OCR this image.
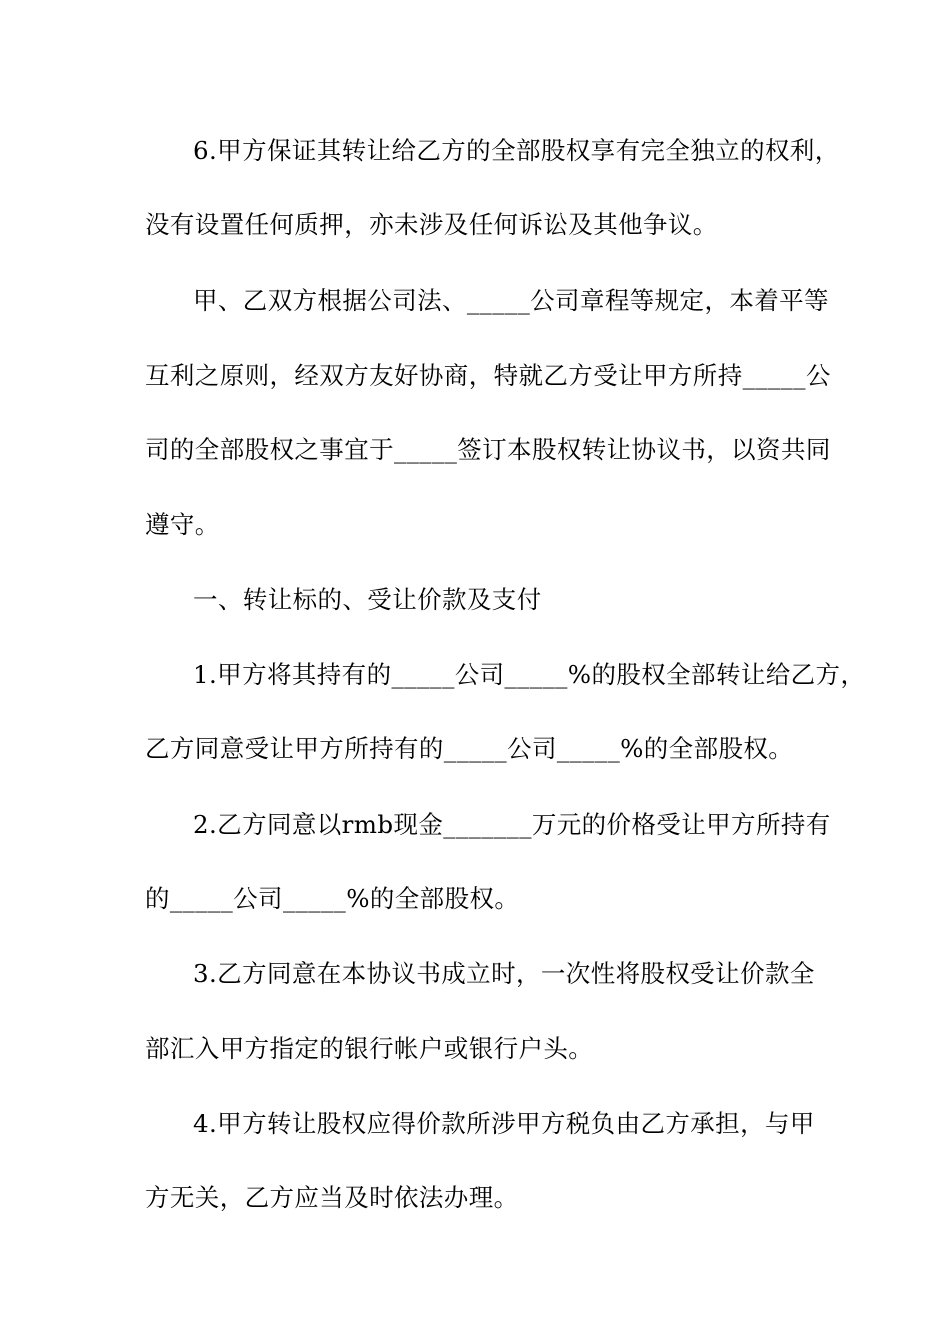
6.甲方保证其转让给乙方的全部股权享有完全独立的权利，
没有设置任何质押，亦未涉及任何诉讼及其他争议。
甲、乙双方根据公司法、_____公司章程等规定，本着平等
互利之原则，经双方友好协商，特就乙方受让甲方所持_____公
司的全部股权之事宜于_____签订本股权转让协议书，以资共同
遵守。
一、转让标的、受让价款及支付
1.甲方将其持有的_____公司_____%的股权全部转让给乙方，
乙方同意受让甲方所持有的_____公司_____%的全部股权。
2.乙方同意以rmb现金_______万元的价格受让甲方所持有
的_____公司_____%的全部股权。
3.乙方同意在本协议书成立时，一次性将股权受让价款全
部汇入甲方指定的银行帐户或银行户头。
4.甲方转让股权应得价款所涉甲方税负由乙方承担，与甲
方无关，乙方应当及时依法办理。
